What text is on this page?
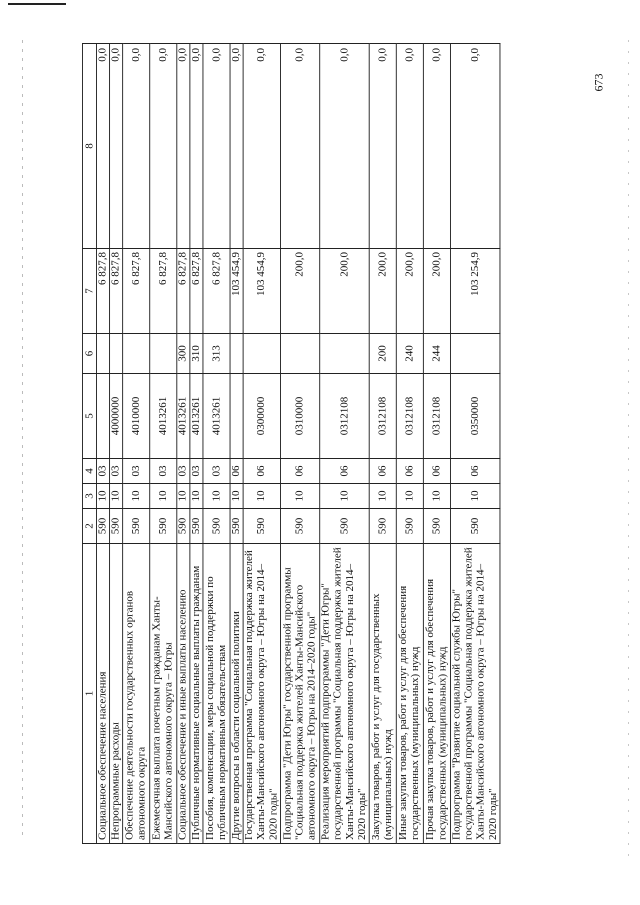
673
1	2	3	4	5	6	7	8
Социальное обеспечение населения	590	10	03			6 827,8	0,0
Непрограммные расходы	590	10	03	4000000		6 827,8	0,0
Обеспечение деятельности государственных органов автономного округа	590	10	03	4010000		6 827,8	0,0
Ежемесячная выплата почетным гражданам Ханты-Мансийского автономного округа – Югры	590	10	03	4013261		6 827,8	0,0
Социальное обеспечение и иные выплаты населению	590	10	03	4013261	300	6 827,8	0,0
Публичные нормативные социальные выплаты гражданам	590	10	03	4013261	310	6 827,8	0,0
Пособия, компенсации, меры социальной поддержки по публичным нормативным обязательствам	590	10	03	4013261	313	6 827,8	0,0
Другие вопросы в области социальной политики	590	10	06			103 454,9	0,0
Государственная программа "Социальная поддержка жителей Ханты-Мансийского автономного округа – Югры на 2014–2020 годы"	590	10	06	0300000		103 454,9	0,0
Подпрограмма "Дети Югры" государственной программы "Социальная поддержка жителей Ханты-Мансийского автономного округа – Югры на 2014–2020 годы"	590	10	06	0310000		200,0	0,0
Реализация мероприятий подпрограммы "Дети Югры" государственной программы "Социальная поддержка жителей Ханты-Мансийского автономного округа – Югры на 2014–2020 годы"	590	10	06	0312108		200,0	0,0
Закупка товаров, работ и услуг для государственных (муниципальных) нужд	590	10	06	0312108	200	200,0	0,0
Иные закупки товаров, работ и услуг для обеспечения государственных (муниципальных) нужд	590	10	06	0312108	240	200,0	0,0
Прочая закупка товаров, работ и услуг для обеспечения государственных (муниципальных) нужд	590	10	06	0312108	244	200,0	0,0
Подпрограмма "Развитие социальной службы Югры" государственной программы "Социальная поддержка жителей Ханты-Мансийского автономного округа – Югры на 2014–2020 годы"	590	10	06	0350000		103 254,9	0,0
